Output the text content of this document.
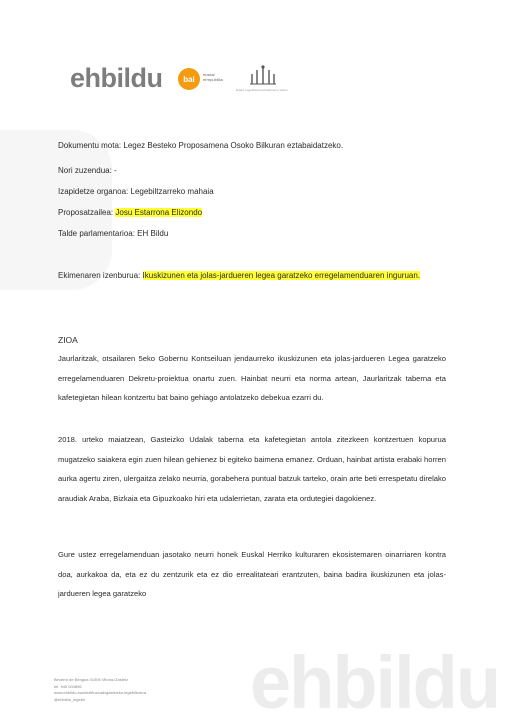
ehbildu
ehbildu	bai	euskal errepublika
Eusko Legebiltzarra Parlamento Vasco
Dokumentu mota: Legez Besteko Proposamena Osoko Bilkuran eztabaidatzeko.
Nori zuzendua: -
Izapidetze organoa: Legebiltzarreko mahaia
Proposatzailea: Josu Estarrona Elizondo
Talde parlamentarioa: EH Bildu
Ekimenaren izenburua: Ikuskizunen eta jolas-jardueren legea garatzeko erregelamenduaren inguruan.
ZIOA
Jaurlaritzak, otsailaren 5eko Gobernu Kontseiluan jendaurreko ikuskizunen eta jolas-jardueren Legea garatzeko erregelamenduaren Dekretu-proiektua onartu zuen. Hainbat neurri eta norma artean, Jaurlaritzak taberna eta kafetegietan hilean kontzertu bat baino gehiago antolatzeko debekua ezarri du.
2018. urteko maiatzean, Gasteizko Udalak taberna eta kafetegietan antola zitezkeen kontzertuen kopurua mugatzeko saiakera egin zuen hilean gehienez bi egiteko baimena emanez. Orduan, hainbat artista erabaki horren aurka agertu ziren, ulergaitza zelako neurria, gorabehera puntual batzuk tarteko, orain arte beti errespetatu direlako araudiak Araba, Bizkaia eta Gipuzkoako hiri eta udalerrietan, zarata eta ordutegiei dagokienez.
Gure ustez erregelamenduan jasotako neurri honek Euskal Herriko kulturaren ekosistemaren oinarriaren kontra doa, aurkakoa da, eta ez du zentzurik eta ez dio errealitateari erantzuten, baina badira ikuskizunen eta jolas-jardueren legea garatzeko
Becerro de Bengoa 01005 Vitoria-Gasteiz
tel. 945 004896
www.ehbildu.eus/instituzioak/gasteizko-legebiltzarra
@ehbildu_legebil
